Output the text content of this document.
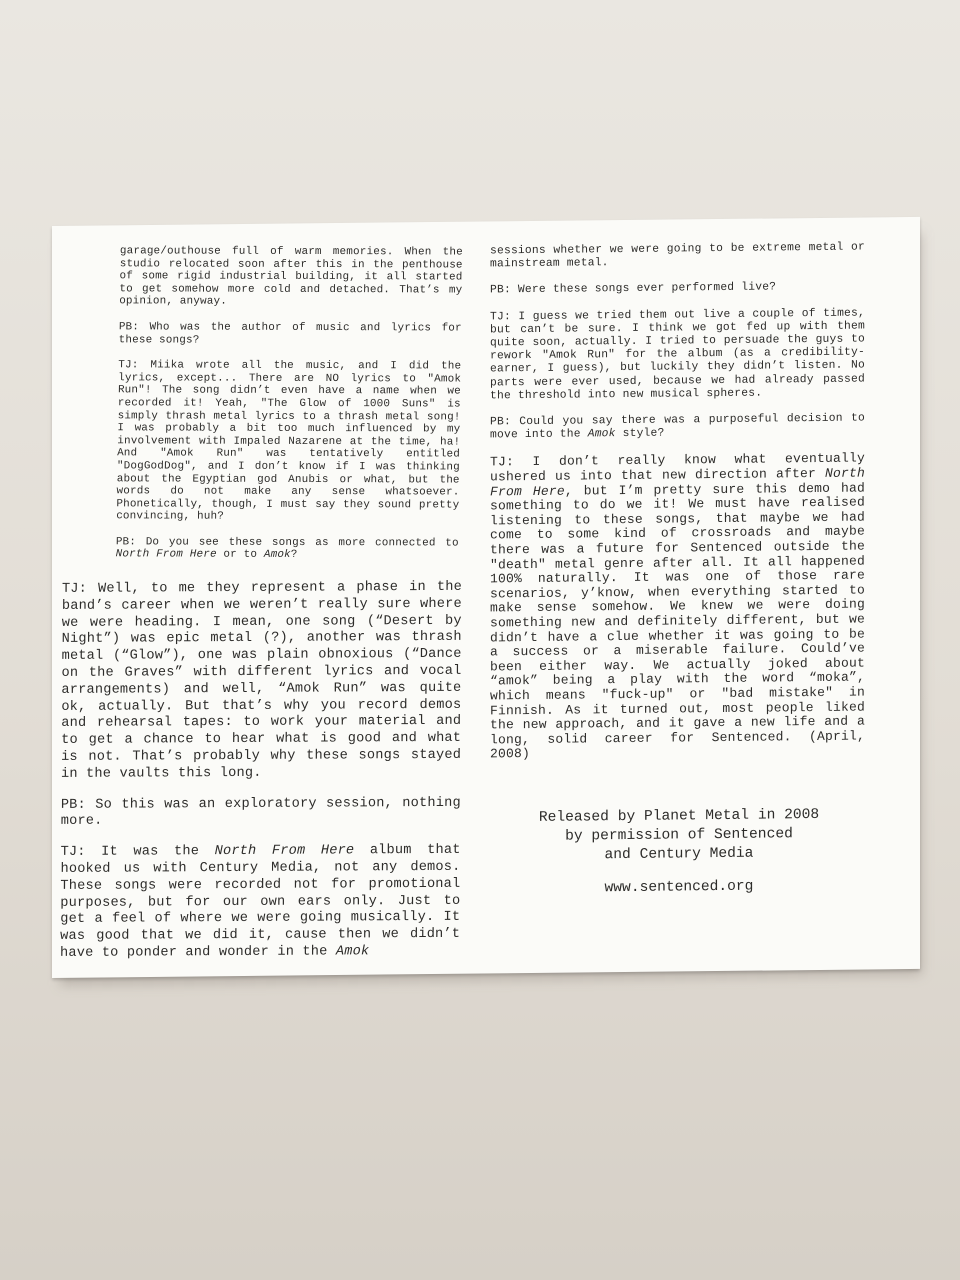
garage/outhouse full of warm memories. When the studio relocated soon after this in the penthouse of some rigid industrial building, it all started to get somehow more cold and detached. That’s my opinion, anyway.

PB: Who was the author of music and lyrics for these songs?

TJ: Miika wrote all the music, and I did the lyrics, except... There are NO lyrics to "Amok Run"! The song didn’t even have a name when we recorded it! Yeah, "The Glow of 1000 Suns" is simply thrash metal lyrics to a thrash metal song! I was probably a bit too much influenced by my involvement with Impaled Nazarene at the time, ha! And "Amok Run" was tentatively entitled "DogGodDog", and I don’t know if I was thinking about the Egyptian god Anubis or what, but the words do not make any sense whatsoever. Phonetically, though, I must say they sound pretty convincing, huh?

PB: Do you see these songs as more connected to North From Here or to Amok?

TJ: Well, to me they represent a phase in the band’s career when we weren’t really sure where we were heading. I mean, one song (“Desert by Night”) was epic metal (?), another was thrash metal (“Glow”), one was plain obnoxious (“Dance on the Graves” with different lyrics and vocal arrangements) and well, “Amok Run” was quite ok, actually. But that’s why you record demos and rehearsal tapes: to work your material and to get a chance to hear what is good and what is not. That’s probably why these songs stayed in the vaults this long.

PB: So this was an exploratory session, nothing more.

TJ: It was the North From Here album that hooked us with Century Media, not any demos. These songs were recorded not for promotional purposes, but for our own ears only. Just to get a feel of where we were going musically. It was good that we did it, cause then we didn’t have to ponder and wonder in the Amok

sessions whether we were going to be extreme metal or mainstream metal.

PB: Were these songs ever performed live?

TJ: I guess we tried them out live a couple of times, but can’t be sure. I think we got fed up with them quite soon, actually. I tried to persuade the guys to rework "Amok Run" for the album (as a credibility-earner, I guess), but luckily they didn’t listen. No parts were ever used, because we had already passed the threshold into new musical spheres.

PB: Could you say there was a purposeful decision to move into the Amok style?

TJ: I don’t really know what eventually ushered us into that new direction after North From Here, but I’m pretty sure this demo had something to do we it! We must have realised listening to these songs, that maybe we had come to some kind of crossroads and maybe there was a future for Sentenced outside the "death" metal genre after all. It all happened 100% naturally. It was one of those rare scenarios, y’know, when everything started to make sense somehow. We knew we were doing something new and definitely different, but we didn’t have a clue whether it was going to be a success or a miserable failure. Could’ve been either way. We actually joked about “amok” being a play with the word “moka”, which means "fuck-up" or "bad mistake" in Finnish. As it turned out, most people liked the new approach, and it gave a new life and a long, solid career for Sentenced. (April, 2008)

Released by Planet Metal in 2008
by permission of Sentenced
and Century Media
www.sentenced.org
